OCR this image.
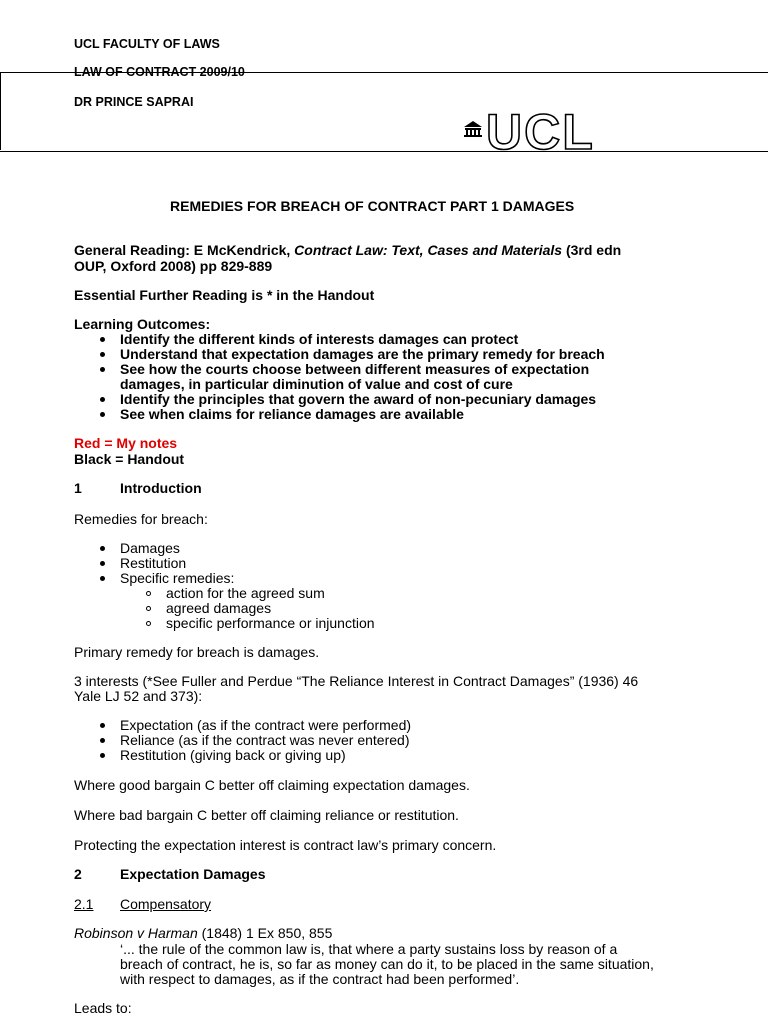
UCL FACULTY OF LAWS
LAW OF CONTRACT 2009/10
DR PRINCE SAPRAI
UCL
REMEDIES FOR BREACH OF CONTRACT PART 1 DAMAGES
General Reading: E McKendrick, Contract Law: Text, Cases and Materials (3rd edn
OUP, Oxford 2008) pp 829-889
Essential Further Reading is * in the Handout
Learning Outcomes:
Identify the different kinds of interests damages can protect
Understand that expectation damages are the primary remedy for breach
See how the courts choose between different measures of expectation
damages, in particular diminution of value and cost of cure
Identify the principles that govern the award of non-pecuniary damages
See when claims for reliance damages are available
Red = My notes
Black = Handout
1	Introduction
Remedies for breach:
Damages
Restitution
Specific remedies:
action for the agreed sum
agreed damages
specific performance or injunction
Primary remedy for breach is damages.
3 interests (*See Fuller and Perdue “The Reliance Interest in Contract Damages” (1936) 46
Yale LJ 52 and 373):
Expectation (as if the contract were performed)
Reliance (as if the contract was never entered)
Restitution (giving back or giving up)
Where good bargain C better off claiming expectation damages.
Where bad bargain C better off claiming reliance or restitution.
Protecting the expectation interest is contract law’s primary concern.
2	Expectation Damages
2.1 Compensatory
Robinson v Harman (1848) 1 Ex 850, 855
‘... the rule of the common law is, that where a party sustains loss by reason of a
breach of contract, he is, so far as money can do it, to be placed in the same situation,
with respect to damages, as if the contract had been performed’.
Leads to:
